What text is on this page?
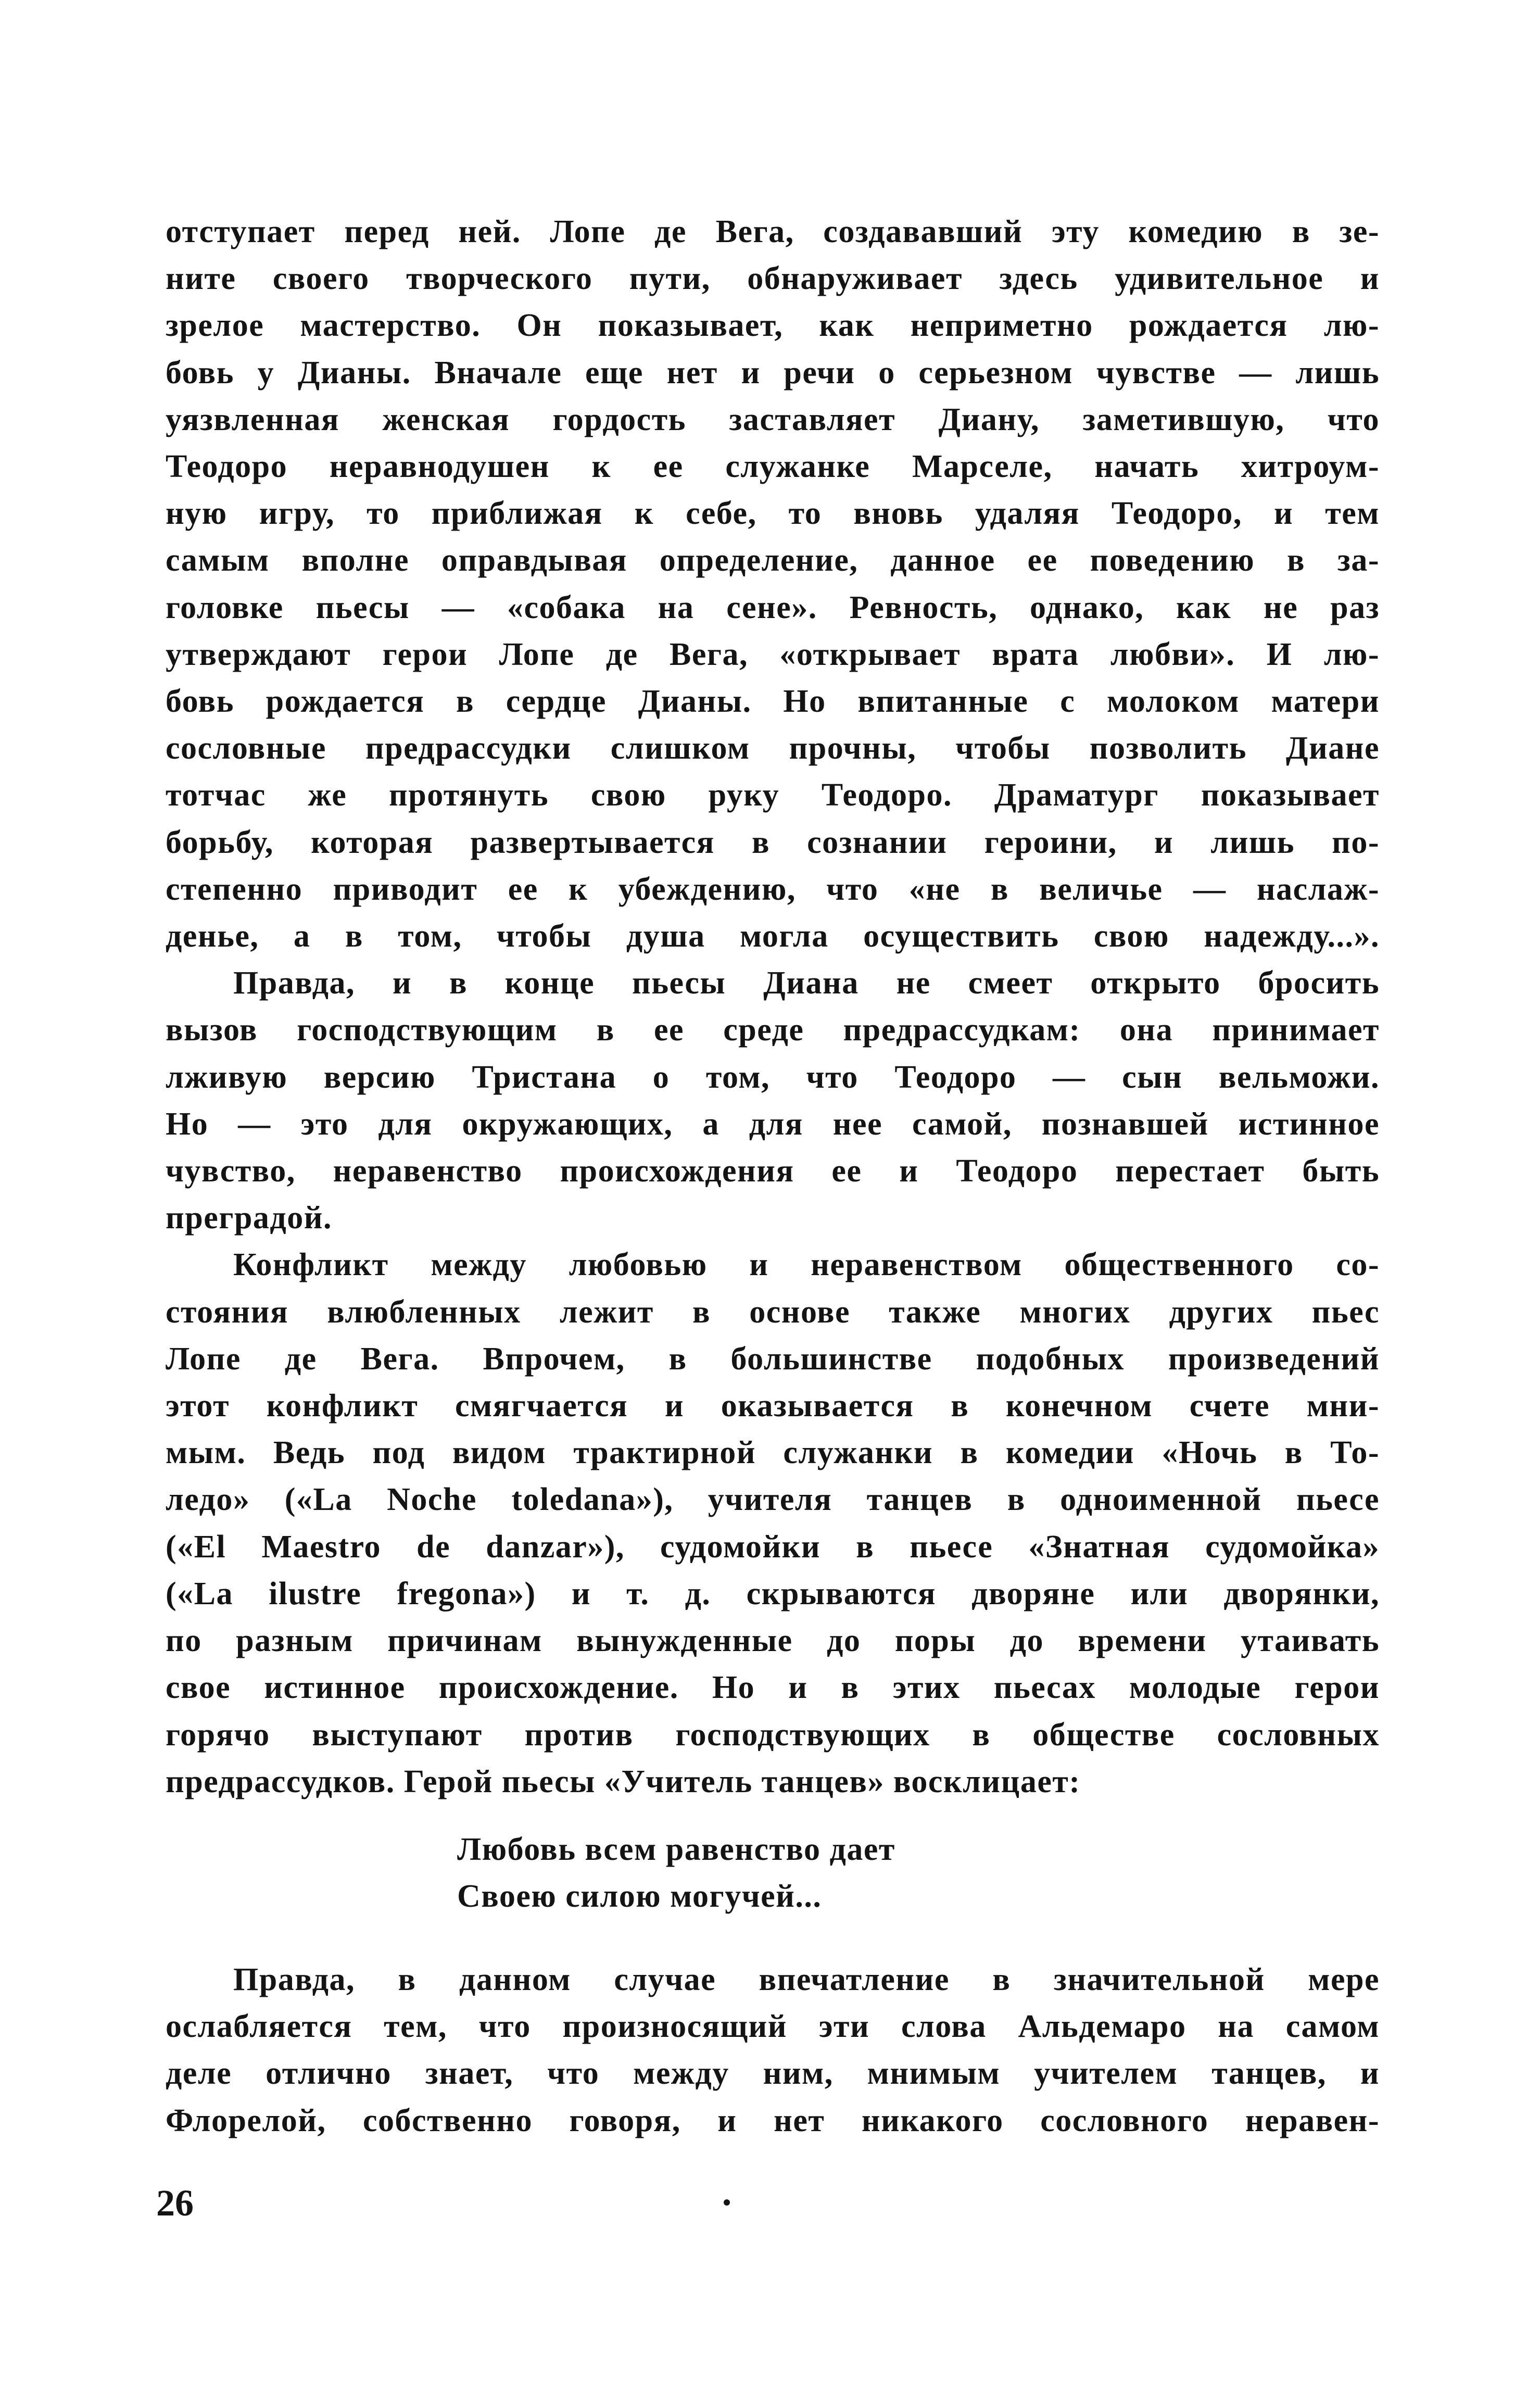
отступает перед ней. Лопе де Вега, создававший эту комедию в зе-
ните своего творческого пути, обнаруживает здесь удивительное и
зрелое мастерство. Он показывает, как неприметно рождается лю-
бовь у Дианы. Вначале еще нет и речи о серьезном чувстве — лишь
уязвленная женская гордость заставляет Диану, заметившую, что
Теодоро неравнодушен к ее служанке Марселе, начать хитроум-
ную игру, то приближая к себе, то вновь удаляя Теодоро, и тем
самым вполне оправдывая определение, данное ее поведению в за-
головке пьесы — «собака на сене». Ревность, однако, как не раз
утверждают герои Лопе де Вега, «открывает врата любви». И лю-
бовь рождается в сердце Дианы. Но впитанные с молоком матери
сословные предрассудки слишком прочны, чтобы позволить Диане
тотчас же протянуть свою руку Теодоро. Драматург показывает
борьбу, которая развертывается в сознании героини, и лишь по-
степенно приводит ее к убеждению, что «не в величье — наслаж-
денье, а в том, чтобы душа могла осуществить свою надежду...».
Правда, и в конце пьесы Диана не смеет открыто бросить
вызов господствующим в ее среде предрассудкам: она принимает
лживую версию Тристана о том, что Теодоро — сын вельможи.
Но — это для окружающих, а для нее самой, познавшей истинное
чувство, неравенство происхождения ее и Теодоро перестает быть
преградой.
Конфликт между любовью и неравенством общественного со-
стояния влюбленных лежит в основе также многих других пьес
Лопе де Вега. Впрочем, в большинстве подобных произведений
этот конфликт смягчается и оказывается в конечном счете мни-
мым. Ведь под видом трактирной служанки в комедии «Ночь в То-
ледо» («La Noche toledana»), учителя танцев в одноименной пьесе
(«El Maestro de danzar»), судомойки в пьесе «Знатная судомойка»
(«La ilustre fregona») и т. д. скрываются дворяне или дворянки,
по разным причинам вынужденные до поры до времени утаивать
свое истинное происхождение. Но и в этих пьесах молодые герои
горячо выступают против господствующих в обществе сословных
предрассудков. Герой пьесы «Учитель танцев» восклицает:
Любовь всем равенство дает
Своею силою могучей...
Правда, в данном случае впечатление в значительной мере
ослабляется тем, что произносящий эти слова Альдемаро на самом
деле отлично знает, что между ним, мнимым учителем танцев, и
Флорелой, собственно говоря, и нет никакого сословного нерaвен-
26
